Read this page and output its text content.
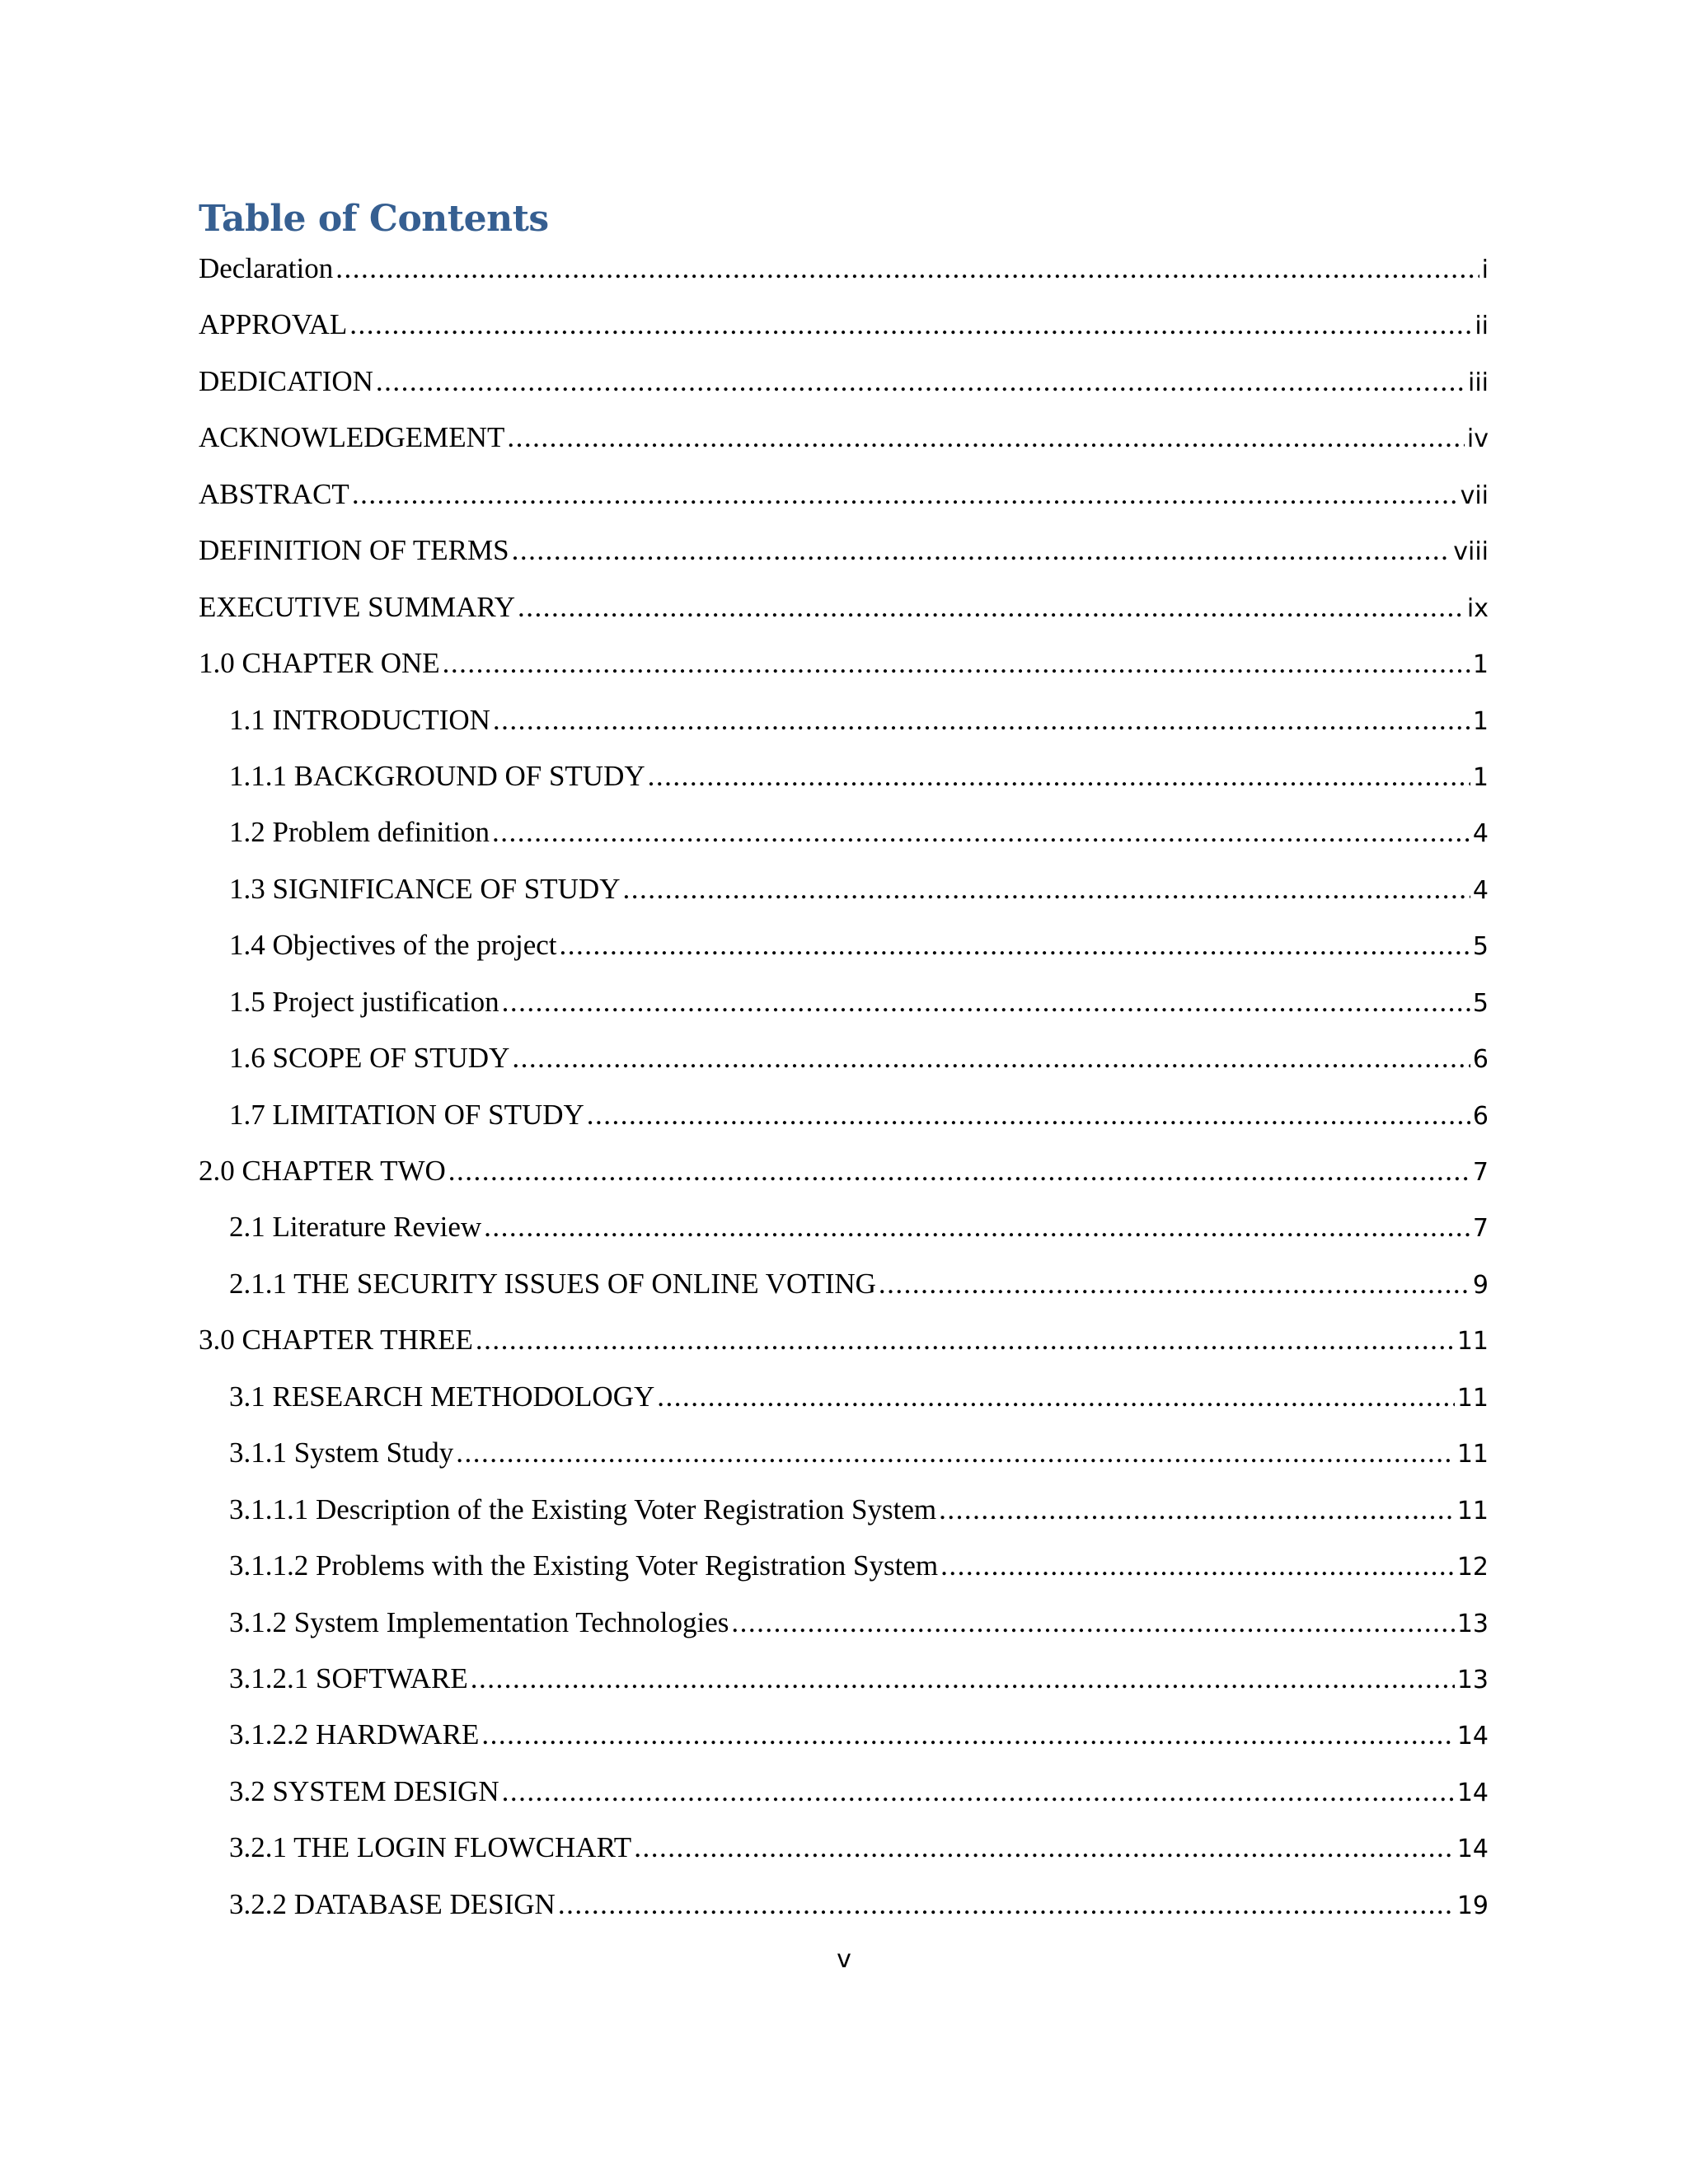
Table of Contents
Declaration .....	i
APPROVAL .....	ii
DEDICATION .....	iii
ACKNOWLEDGEMENT .....	iv
ABSTRACT .....	vii
DEFINITION OF TERMS .....	viii
EXECUTIVE SUMMARY .....	ix
1.0 CHAPTER ONE .....	1
1.1 INTRODUCTION .....	1
1.1.1 BACKGROUND OF STUDY .....	1
1.2 Problem definition .....	4
1.3 SIGNIFICANCE OF STUDY .....	4
1.4 Objectives of the project .....	5
1.5 Project justification .....	5
1.6 SCOPE OF STUDY .....	6
1.7 LIMITATION OF STUDY .....	6
2.0 CHAPTER TWO .....	7
2.1 Literature Review .....	7
2.1.1 THE SECURITY ISSUES OF ONLINE VOTING .....	9
3.0 CHAPTER THREE .....	11
3.1 RESEARCH METHODOLOGY .....	11
3.1.1 System Study .....	11
3.1.1.1 Description of the Existing Voter Registration System .....	11
3.1.1.2 Problems with the Existing Voter Registration System .....	12
3.1.2 System Implementation Technologies .....	13
3.1.2.1 SOFTWARE .....	13
3.1.2.2 HARDWARE .....	14
3.2 SYSTEM DESIGN .....	14
3.2.1 THE LOGIN FLOWCHART .....	14
3.2.2 DATABASE DESIGN .....	19
v
